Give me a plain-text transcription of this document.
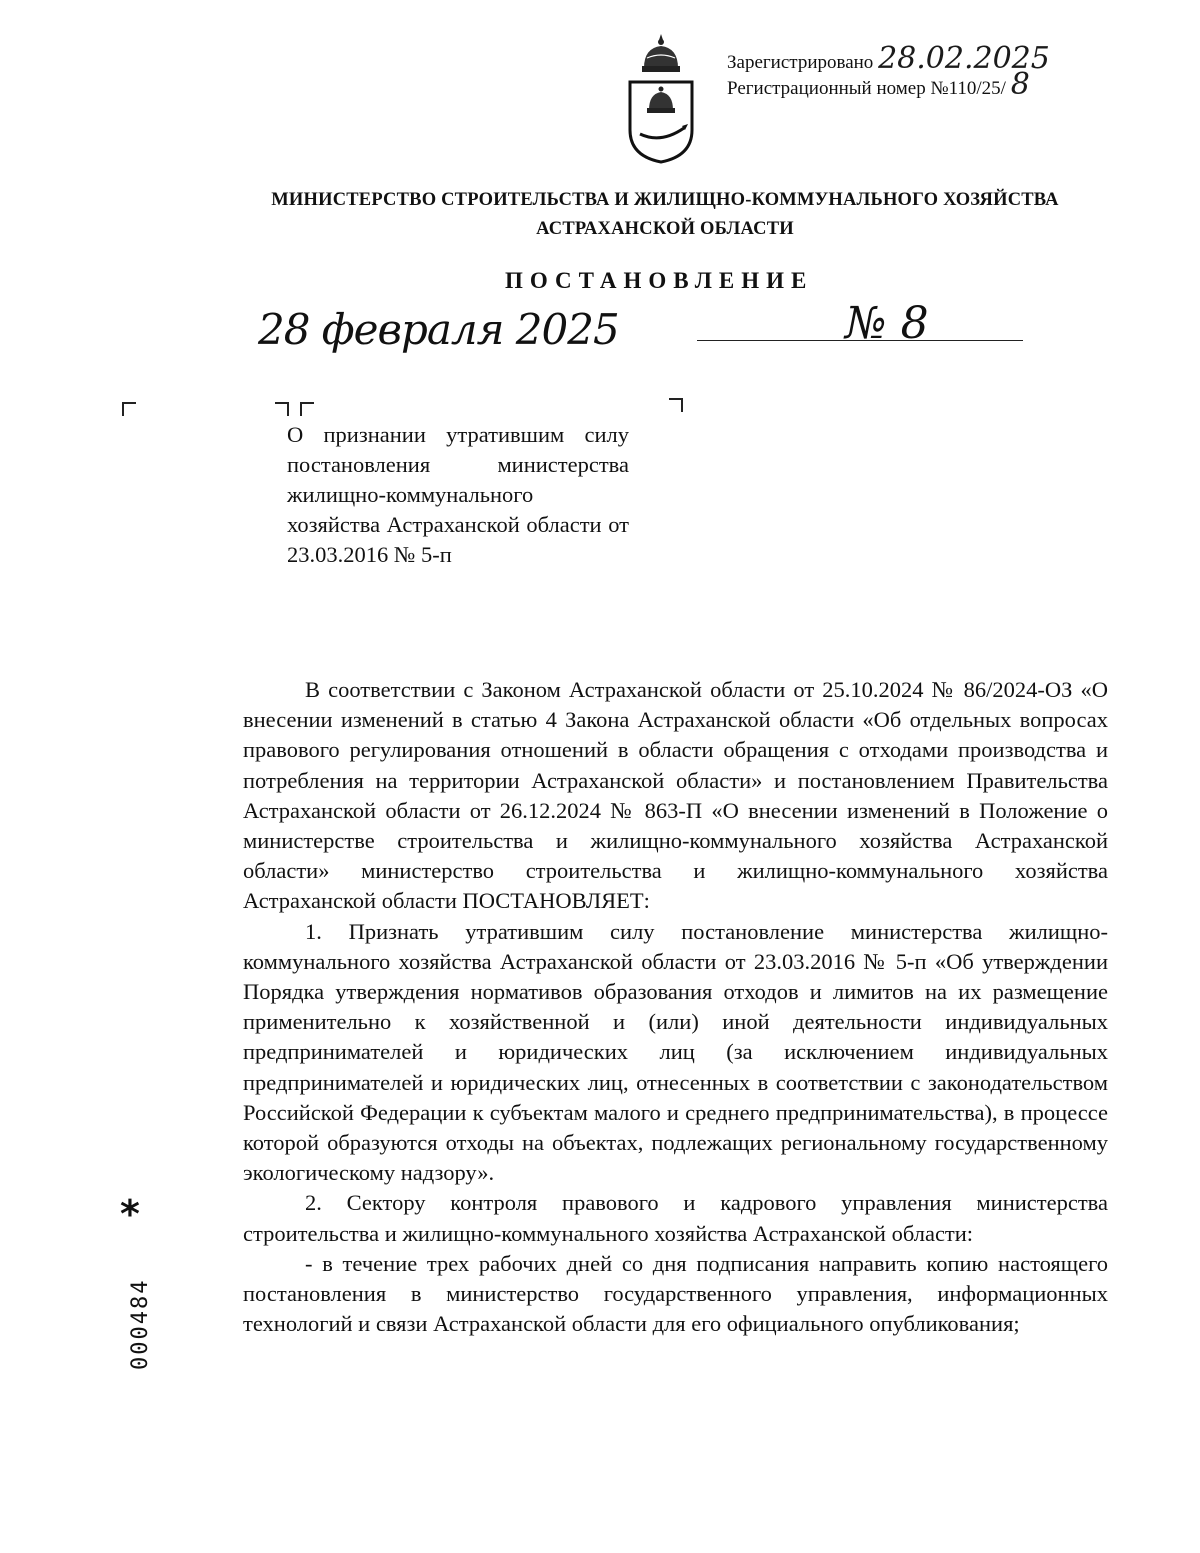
Зарегистрировано 28.02.2025
Регистрационный номер №110/25/ 8
МИНИСТЕРСТВО СТРОИТЕЛЬСТВА И ЖИЛИЩНО-КОММУНАЛЬНОГО ХОЗЯЙСТВА
АСТРАХАНСКОЙ ОБЛАСТИ
ПОСТАНОВЛЕНИЕ
28 февраля 2025	№ 8
О признании утратившим силу постановления министерства жилищно-коммунального хозяйства Астраханской области от 23.03.2016 № 5-п

В соответствии с Законом Астраханской области от 25.10.2024 № 86/2024-ОЗ «О внесении изменений в статью 4 Закона Астраханской области «Об отдельных вопросах правового регулирования отношений в области обращения с отходами производства и потребления на территории Астраханской области» и постановлением Правительства Астраханской области от 26.12.2024 № 863-П «О внесении изменений в Положение о министерстве строительства и жилищно-коммунального хозяйства Астраханской области» министерство строительства и жилищно-коммунального хозяйства Астраханской области ПОСТАНОВЛЯЕТ:

1. Признать утратившим силу постановление министерства жилищно-коммунального хозяйства Астраханской области от 23.03.2016 № 5-п «Об утверждении Порядка утверждения нормативов образования отходов и лимитов на их размещение применительно к хозяйственной и (или) иной деятельности индивидуальных предпринимателей и юридических лиц (за исключением индивидуальных предпринимателей и юридических лиц, отнесенных в соответствии с законодательством Российской Федерации к субъектам малого и среднего предпринимательства), в процессе которой образуются отходы на объектах, подлежащих региональному государственному экологическому надзору».

2. Сектору контроля правового и кадрового управления министерства строительства и жилищно-коммунального хозяйства Астраханской области:

- в течение трех рабочих дней со дня подписания направить копию настоящего постановления в министерство государственного управления, информационных технологий и связи Астраханской области для его официального опубликования;

*
000484
